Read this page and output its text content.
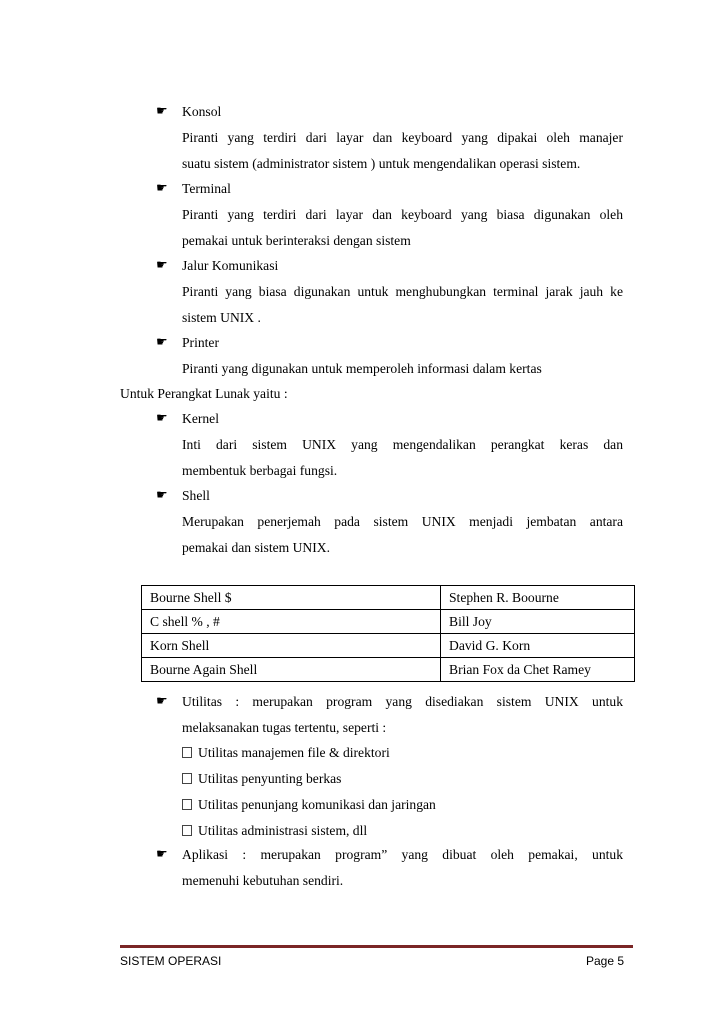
☛	Konsol
Piranti yang terdiri dari layar dan keyboard yang dipakai oleh manajer
suatu sistem (administrator sistem ) untuk mengendalikan operasi sistem.
☛	Terminal
Piranti yang terdiri dari layar dan keyboard yang biasa digunakan oleh
pemakai untuk berinteraksi dengan sistem
☛	Jalur Komunikasi
Piranti yang biasa digunakan untuk menghubungkan terminal jarak jauh ke
sistem UNIX .
☛	Printer
Piranti yang digunakan untuk memperoleh informasi dalam kertas
Untuk Perangkat Lunak yaitu :
☛	Kernel
Inti dari sistem UNIX yang mengendalikan perangkat keras dan
membentuk berbagai fungsi.
☛	Shell
Merupakan penerjemah pada sistem UNIX menjadi jembatan antara
pemakai dan sistem UNIX.
Bourne Shell $	Stephen R. Boourne
C shell % , #	Bill Joy
Korn Shell	David G. Korn
Bourne Again Shell	Brian Fox da Chet Ramey
☛	Utilitas : merupakan program yang disediakan sistem UNIX untuk
melaksanakan tugas tertentu, seperti :
Utilitas manajemen file & direktori
Utilitas penyunting berkas
Utilitas penunjang komunikasi dan jaringan
Utilitas administrasi sistem, dll
☛	Aplikasi : merupakan program” yang dibuat oleh pemakai, untuk
memenuhi kebutuhan sendiri.
SISTEM OPERASI	Page 5
